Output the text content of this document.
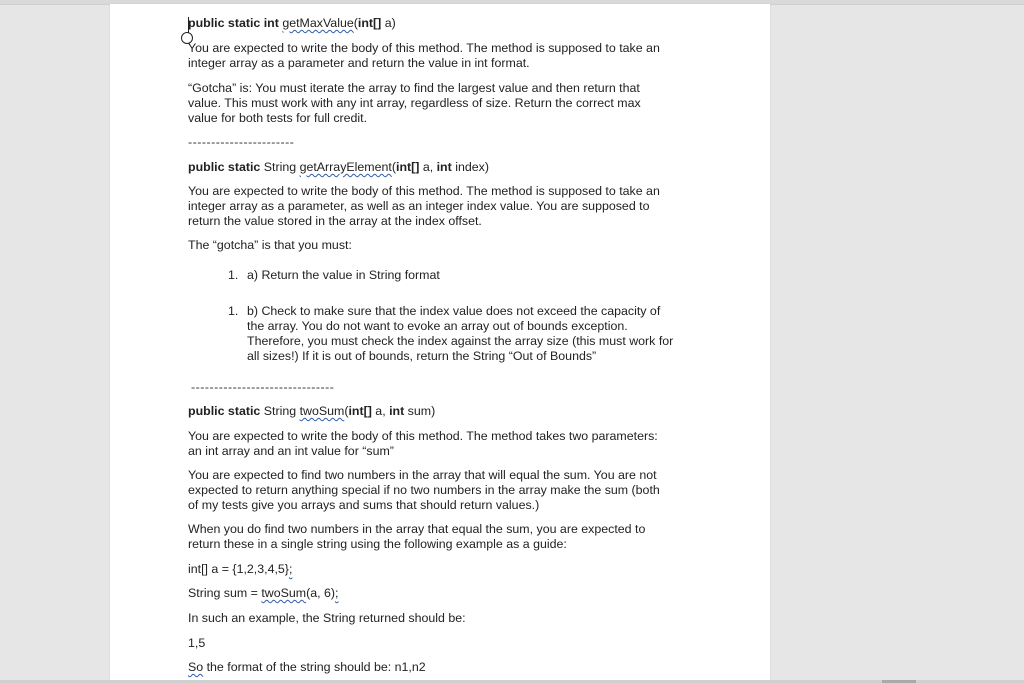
public static int getMaxValue(int[] a)
You are expected to write the body of this method. The method is supposed to take an
integer array as a parameter and return the value in int format.
“Gotcha” is: You must iterate the array to find the largest value and then return that
value. This must work with any int array, regardless of size. Return the correct max
value for both tests for full credit.
-----------------------
public static String getArrayElement(int[] a, int index)
You are expected to write the body of this method. The method is supposed to take an
integer array as a parameter, as well as an integer index value. You are supposed to
return the value stored in the array at the index offset.
The “gotcha” is that you must:
1. a) Return the value in String format
1. b) Check to make sure that the index value does not exceed the capacity of
the array. You do not want to evoke an array out of bounds exception.
Therefore, you must check the index against the array size (this must work for
all sizes!) If it is out of bounds, return the String “Out of Bounds”
-------------------------------
public static String twoSum(int[] a, int sum)
You are expected to write the body of this method. The method takes two parameters:
an int array and an int value for “sum”
You are expected to find two numbers in the array that will equal the sum. You are not
expected to return anything special if no two numbers in the array make the sum (both
of my tests give you arrays and sums that should return values.)
When you do find two numbers in the array that equal the sum, you are expected to
return these in a single string using the following example as a guide:
int[] a = {1,2,3,4,5};
String sum = twoSum(a, 6);
In such an example, the String returned should be:
1,5
So the format of the string should be: n1,n2
